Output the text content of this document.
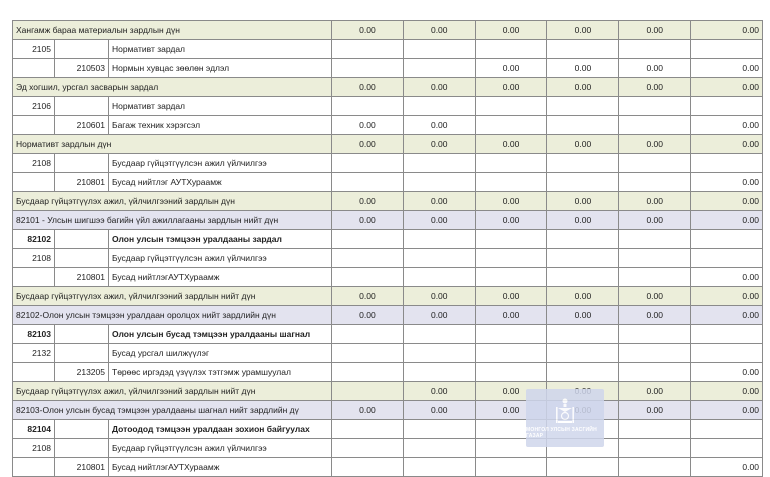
Хангамж бараа материалын зардлын дүн			0.00	0.00	0.00	0.00	0.00	0.00
2105		Нормативт зардал						
	210503	Нормын хувцас зөөлөн эдлэл			0.00	0.00	0.00	0.00
Эд хогшил, урсгал засварын зардал			0.00	0.00	0.00	0.00	0.00	0.00
2106		Нормативт зардал						
	210601	Багаж техник хэрэгсэл	0.00	0.00				0.00
Нормативт зардлын дүн			0.00	0.00	0.00	0.00	0.00	0.00
2108		Бусдаар гүйцэтгүүлсэн ажил үйлчилгээ						
	210801	Бусад нийтлэг АУТХураамж						0.00
Бусдаар гүйцэтгүүлэх ажил, үйлчилгээний зардлын дүн			0.00	0.00	0.00	0.00	0.00	0.00
82101 - Улсын шигшээ багийн үйл ажиллагааны зардлын нийт дүн			0.00	0.00	0.00	0.00	0.00	0.00
82102		Олон улсын тэмцээн уралдааны зардал						
2108		Бусдаар гүйцэтгүүлсэн ажил үйлчилгээ						
	210801	Бусад нийтлэгАУТХураамж						0.00
Бусдаар гүйцэтгүүлэх ажил, үйлчилгээний зардлын нийт дүн			0.00	0.00	0.00	0.00	0.00	0.00
82102-Олон улсын тэмцээн уралдаан оролцох нийт зардлийн дүн			0.00	0.00	0.00	0.00	0.00	0.00
82103		Олон улсын бусад тэмцээн уралдааны шагнал						
2132		Бусад урсгал шилжүүлэг						
	213205	Төрөөс иргэдэд үзүүлэх тэтгэмж урамшуулал						0.00
Бусдаар гүйцэтгүүлэх ажил, үйлчилгээний зардлын нийт дүн				0.00	0.00		0.00	0.00
82103-Олон улсын бусад тэмцээн уралдааны шагнал нийт зардлийн дү			0.00	0.00	0.00		0.00	0.00
82104		Дотоодод тэмцээн уралдаан зохион байгуулах						
2108		Бусдаар гүйцэтгүүлсэн ажил үйлчилгээ						
	210801	Бусад нийтлэгАУТХураамж						0.00
МОНГОЛ УЛСЫН ЗАСГИЙН ГАЗАР
